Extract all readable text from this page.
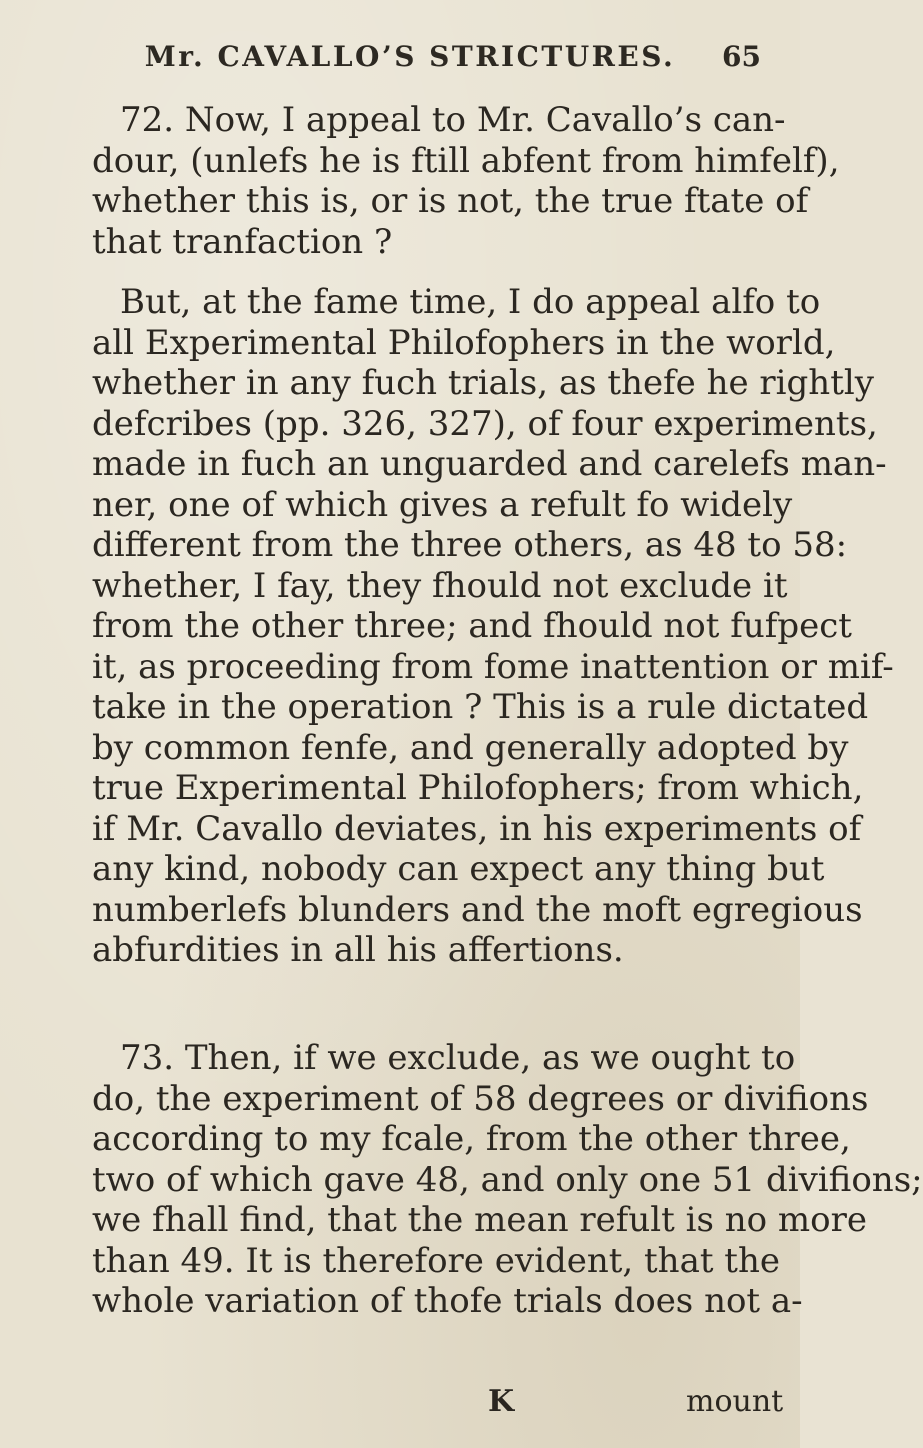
Mr. CAVALLO’S STRICTURES.	65
72. Now, I appeal to Mr. Cavallo’s can-
dour, (unlefs he is ftill abfent from himfelf),
whether this is, or is not, the true ftate of
that tranfaction ?
But, at the fame time, I do appeal alfo to
all Experimental Philofophers in the world,
whether in any fuch trials, as thefe he rightly
defcribes (pp. 326, 327), of four experiments,
made in fuch an unguarded and carelefs man-
ner, one of which gives a refult fo widely
different from the three others, as 48 to 58:
whether, I fay, they fhould not exclude it
from the other three; and fhould not fufpect
it, as proceeding from fome inattention or mif-
take in the operation ? This is a rule dictated
by common fenfe, and generally adopted by
true Experimental Philofophers; from which,
if Mr. Cavallo deviates, in his experiments of
any kind, nobody can expect any thing but
numberlefs blunders and the moft egregious
abfurdities in all his affertions.
73. Then, if we exclude, as we ought to
do, the experiment of 58 degrees or divifions
according to my fcale, from the other three,
two of which gave 48, and only one 51 divifions;
we fhall find, that the mean refult is no more
than 49. It is therefore evident, that the
whole variation of thofe trials does not a-
K	mount
